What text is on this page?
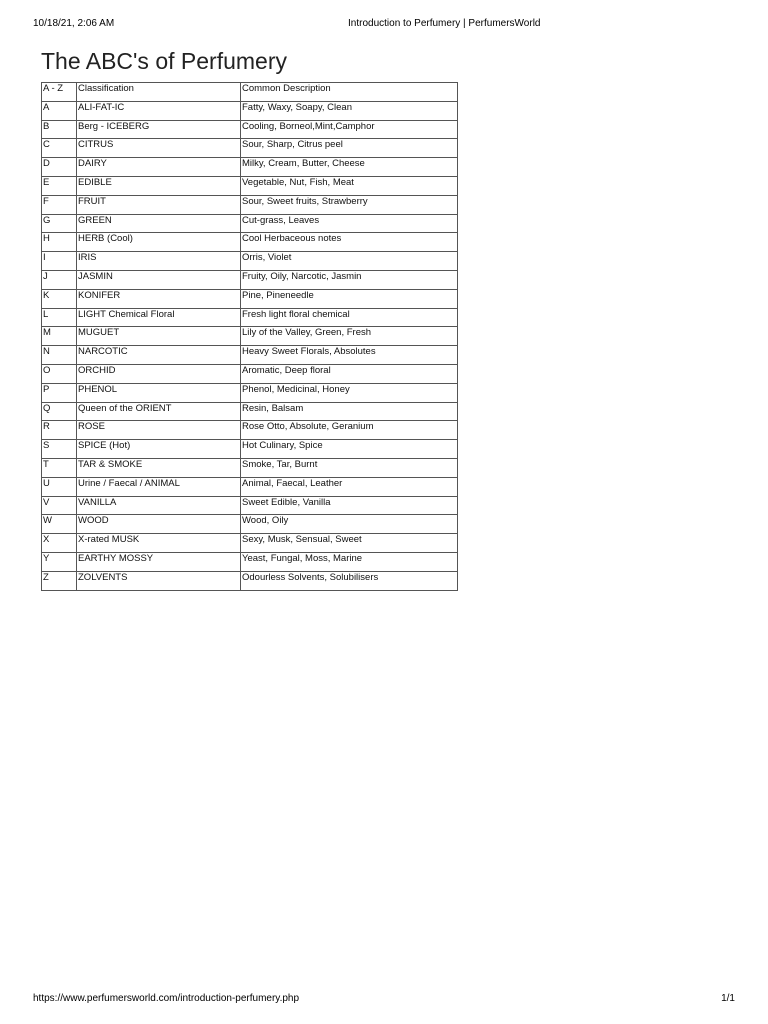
10/18/21, 2:06 AM	Introduction to Perfumery | PerfumersWorld
The ABC's of Perfumery
A - Z	Classification	Common Description
A	ALI-FAT-IC	Fatty, Waxy, Soapy, Clean
B	Berg - ICEBERG	Cooling, Borneol,Mint,Camphor
C	CITRUS	Sour, Sharp, Citrus peel
D	DAIRY	Milky, Cream, Butter, Cheese
E	EDIBLE	Vegetable, Nut, Fish, Meat
F	FRUIT	Sour, Sweet fruits, Strawberry
G	GREEN	Cut-grass, Leaves
H	HERB (Cool)	Cool Herbaceous notes
I	IRIS	Orris, Violet
J	JASMIN	Fruity, Oily, Narcotic, Jasmin
K	KONIFER	Pine, Pineneedle
L	LIGHT Chemical Floral	Fresh light floral chemical
M	MUGUET	Lily of the Valley, Green, Fresh
N	NARCOTIC	Heavy Sweet Florals, Absolutes
O	ORCHID	Aromatic, Deep floral
P	PHENOL	Phenol, Medicinal, Honey
Q	Queen of the ORIENT	Resin, Balsam
R	ROSE	Rose Otto, Absolute, Geranium
S	SPICE (Hot)	Hot Culinary, Spice
T	TAR & SMOKE	Smoke, Tar, Burnt
U	Urine / Faecal / ANIMAL	Animal, Faecal, Leather
V	VANILLA	Sweet Edible, Vanilla
W	WOOD	Wood, Oily
X	X-rated MUSK	Sexy, Musk, Sensual, Sweet
Y	EARTHY MOSSY	Yeast, Fungal, Moss, Marine
Z	ZOLVENTS	Odourless Solvents, Solubilisers
https://www.perfumersworld.com/introduction-perfumery.php	1/1
